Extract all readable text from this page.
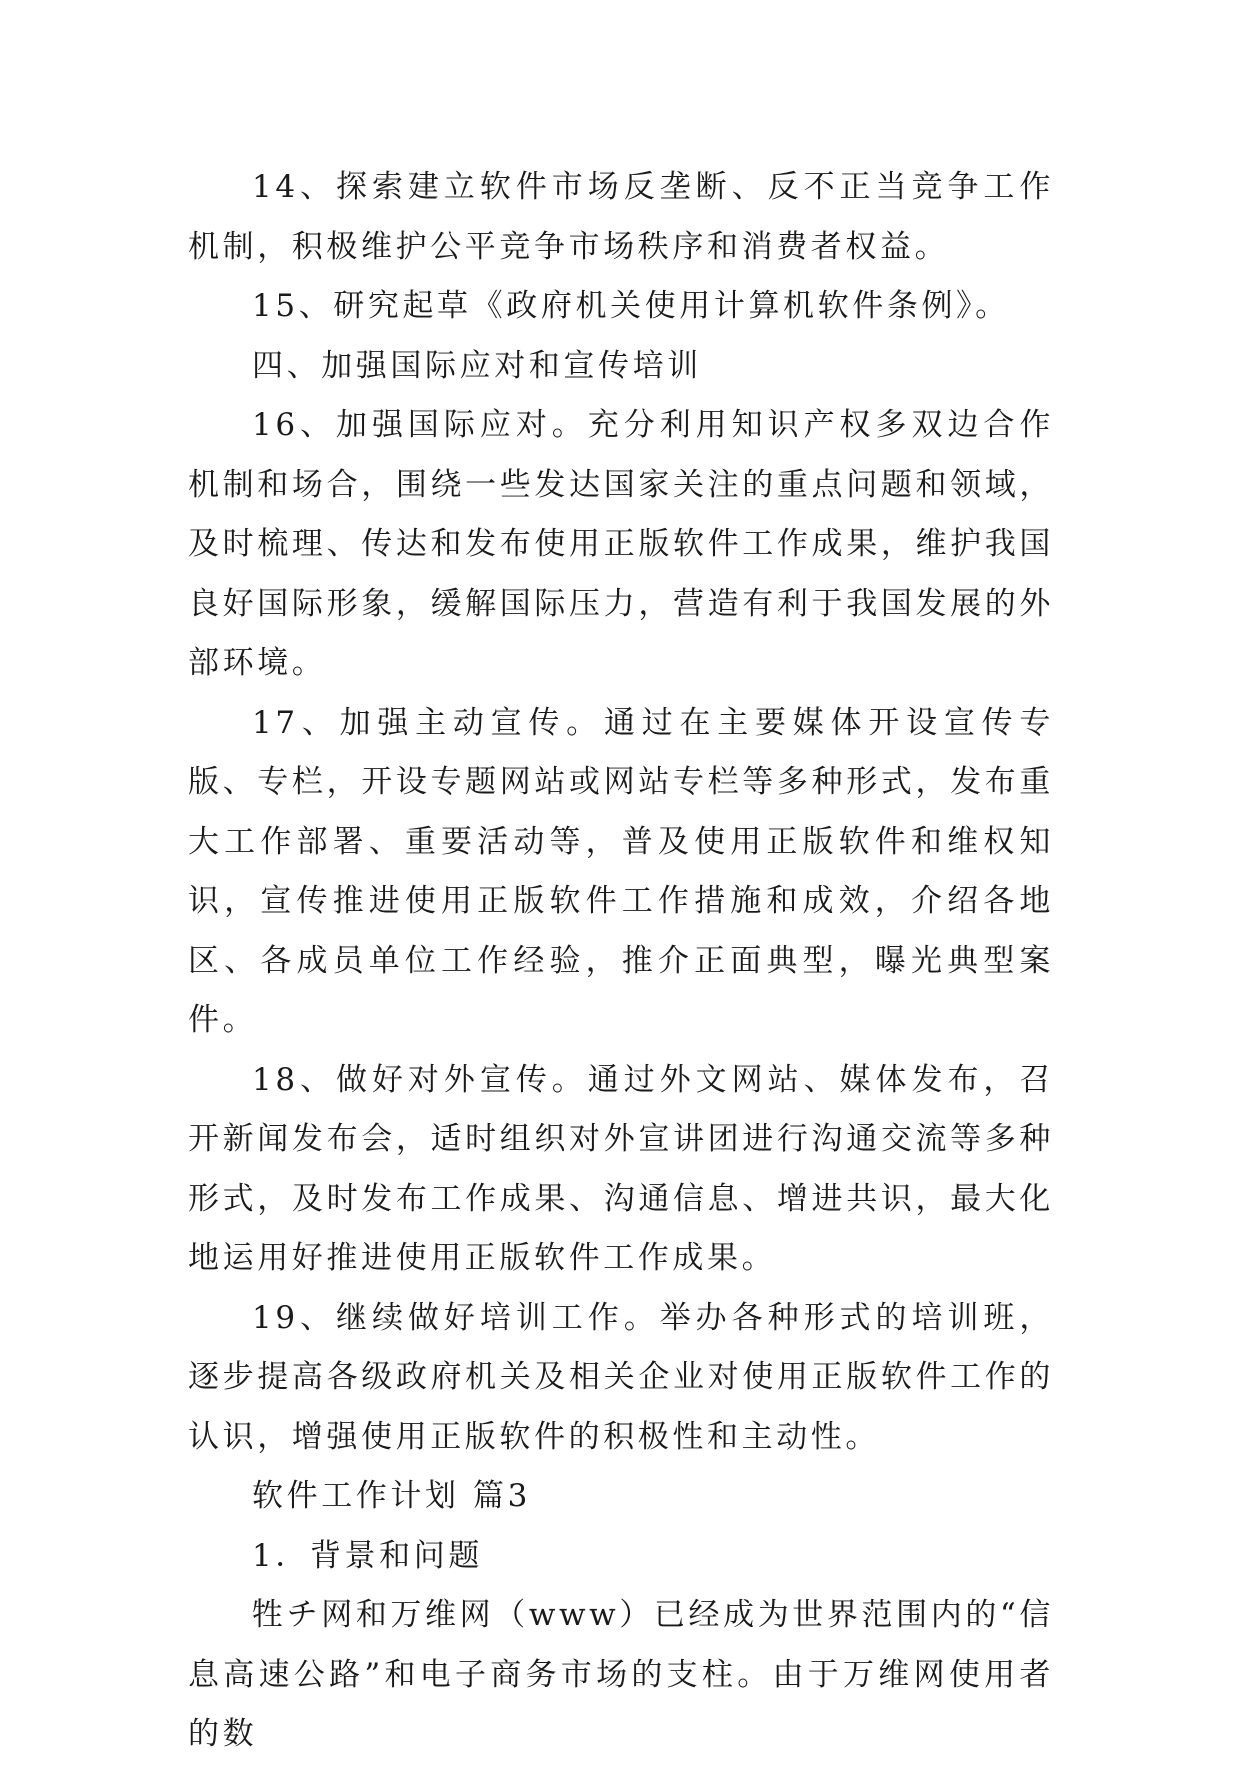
14、探索建立软件市场反垄断、反不正当竞争工作机制，积极维护公平竞争市场秩序和消费者权益。

15、研究起草《政府机关使用计算机软件条例》。

四、加强国际应对和宣传培训

16、加强国际应对。充分利用知识产权多双边合作机制和场合，围绕一些发达国家关注的重点问题和领域，及时梳理、传达和发布使用正版软件工作成果，维护我国良好国际形象，缓解国际压力，营造有利于我国发展的外部环境。

17、加强主动宣传。通过在主要媒体开设宣传专版、专栏，开设专题网站或网站专栏等多种形式，发布重大工作部署、重要活动等，普及使用正版软件和维权知识，宣传推进使用正版软件工作措施和成效，介绍各地区、各成员单位工作经验，推介正面典型，曝光典型案件。

18、做好对外宣传。通过外文网站、媒体发布，召开新闻发布会，适时组织对外宣讲团进行沟通交流等多种形式，及时发布工作成果、沟通信息、增进共识，最大化地运用好推进使用正版软件工作成果。

19、继续做好培训工作。举办各种形式的培训班，逐步提高各级政府机关及相关企业对使用正版软件工作的认识，增强使用正版软件的积极性和主动性。

软件工作计划 篇3

1．背景和问题

牲チ网和万维网（www）已经成为世界范围内的“信息高速公路”和电子商务市场的支柱。由于万维网使用者的数
